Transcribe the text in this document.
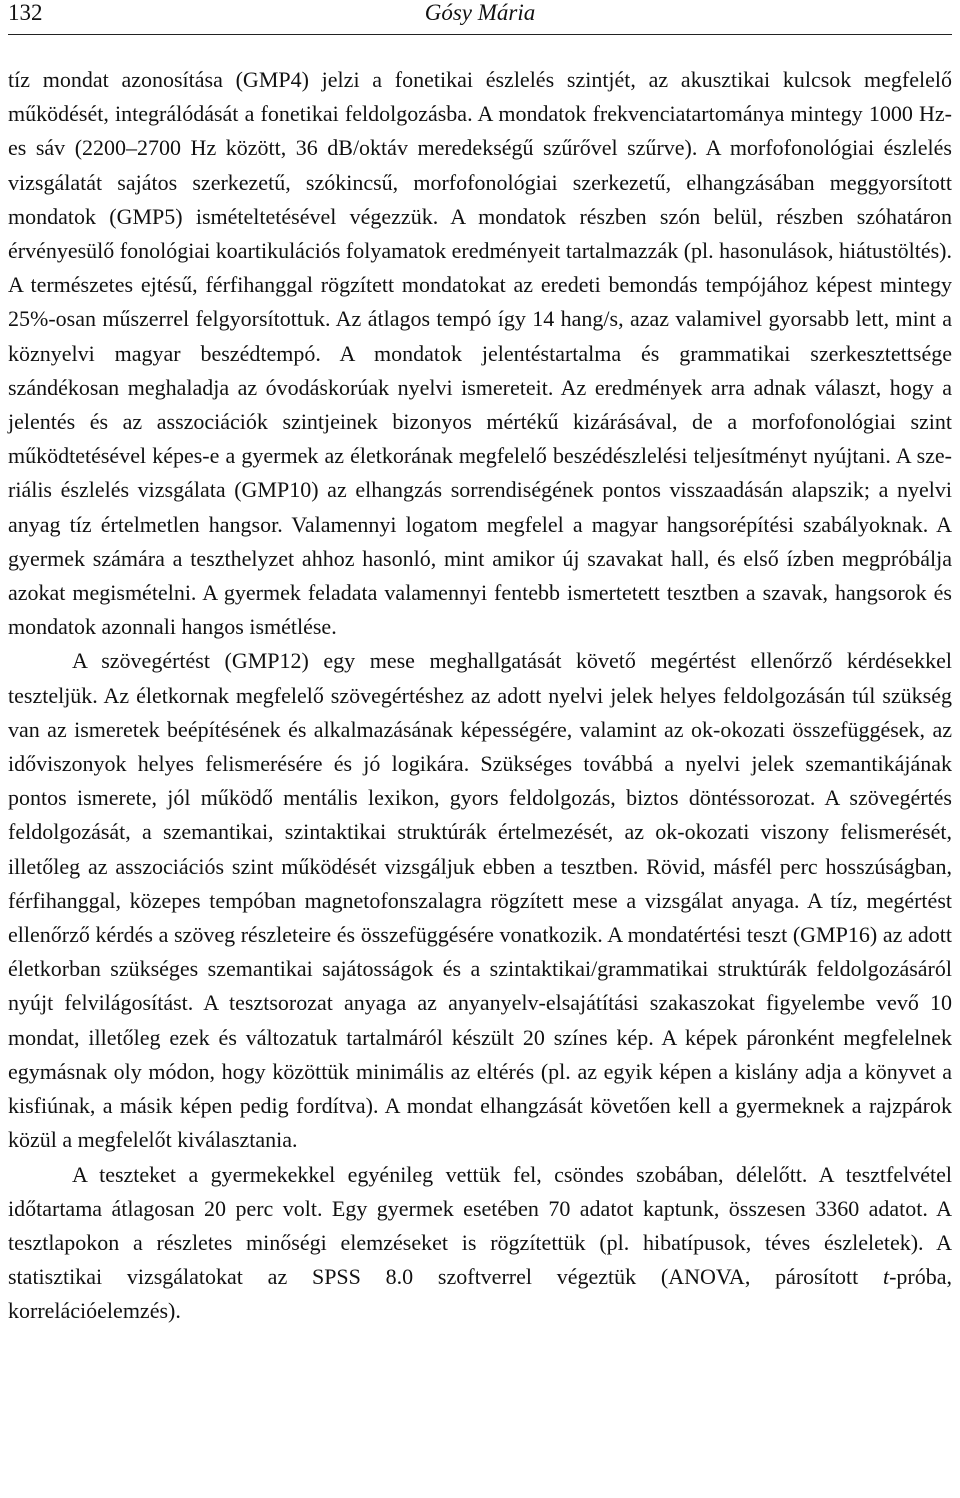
132	Gósy Mária

tíz mondat azonosítása (GMP4) jelzi a fonetikai észlelés szintjét, az akusztikai kulcsok megfelelő működését, integrálódását a fonetikai feldolgozásba. A mondatok frekvenciatartománya mintegy 1000 Hz-es sáv (2200–2700 Hz között, 36 dB/​oktáv meredekségű szűrővel szűrve). A morfofonológiai észlelés vizsgálatát sajátos szerkezetű, szókincsű, morfofonológiai szerkezetű, elhangzásában meggyorsított mondatok (GMP5) ismételtetésével végezzük. A mondatok részben szón belül, részben szóhatáron érvényesülő fonológiai koartikulációs folyamatok eredményeit tartalmazzák (pl. hasonulások, hiátustöltés). A természetes ejtésű, férfihanggal rögzített mondatokat az eredeti bemondás tempójához képest mintegy 25%-osan műszerrel felgyorsítottuk. Az átlagos tempó így 14 hang/s, azaz valamivel gyorsabb lett, mint a köznyelvi magyar beszédtempó. A mondatok jelentéstartalma és grammatikai szerkesztettsége szándékosan meghaladja az óvodáskorúak nyelvi ismereteit. Az eredmények arra adnak választ, hogy a jelentés és az asszociációk szintjeinek bizonyos mértékű kizárásával, de a morfofonológiai szint működtetésével képes-e a gyermek az életkorának megfelelő beszédészlelési teljesítményt nyújtani. A szeriális észlelés vizsgálata (GMP10) az elhangzás sorrendiségének pontos visszaadásán alapszik; a nyelvi anyag tíz értelmetlen hangsor. Valamennyi logatom megfelel a magyar hangsorépítési szabályoknak. A gyermek számára a teszthelyzet ahhoz hasonló, mint amikor új szavakat hall, és első ízben megpróbálja azokat megismételni. A gyermek feladata valamennyi fentebb ismertetett tesztben a szavak, hangsorok és mondatok azonnali hangos ismétlése.

A szövegértést (GMP12) egy mese meghallgatását követő megértést ellenőrző kérdésekkel teszteljük. Az életkornak megfelelő szövegértéshez az adott nyelvi jelek helyes feldolgozásán túl szükség van az ismeretek beépítésének és alkalmazásának képességére, valamint az ok-okozati összefüggések, az időviszonyok helyes felismerésére és jó logikára. Szükséges továbbá a nyelvi jelek szemantikájának pontos ismerete, jól működő mentális lexikon, gyors feldolgozás, biztos döntéssorozat. A szövegértés feldolgozását, a szemantikai, szintaktikai struktúrák értelmezését, az ok-okozati viszony felismerését, illetőleg az asszociációs szint működését vizsgáljuk ebben a tesztben. Rövid, másfél perc hosszúságban, férfihanggal, közepes tempóban magnetofonszalagra rögzített mese a vizsgálat anyaga. A tíz, megértést ellenőrző kérdés a szöveg részleteire és összefüggésére vonatkozik. A mondatértési teszt (GMP16) az adott életkorban szükséges szemantikai sajátosságok és a szintaktikai/grammatikai struktúrák feldolgozásáról nyújt felvilágosítást. A tesztsorozat anyaga az anyanyelv-elsajátítási szakaszokat figyelembe vevő 10 mondat, illetőleg ezek és változatuk tartalmáról készült 20 színes kép. A képek páronként megfelelnek egymásnak oly módon, hogy közöttük minimális az eltérés (pl. az egyik képen a kislány adja a könyvet a kisfiúnak, a másik képen pedig fordítva). A mondat elhangzását követően kell a gyermeknek a rajzpárok közül a megfelelőt kiválasztania.

A teszteket a gyermekekkel egyénileg vettük fel, csöndes szobában, délelőtt. A tesztfelvétel időtartama átlagosan 20 perc volt. Egy gyermek esetében 70 adatot kaptunk, összesen 3360 adatot. A tesztlapokon a részletes minőségi elemzéseket is rögzítettük (pl. hibatípusok, téves észleletek). A statisztikai vizsgálatokat az SPSS 8.0 szoftverrel végeztük (ANOVA, párosított t-próba, korrelációelemzés).
